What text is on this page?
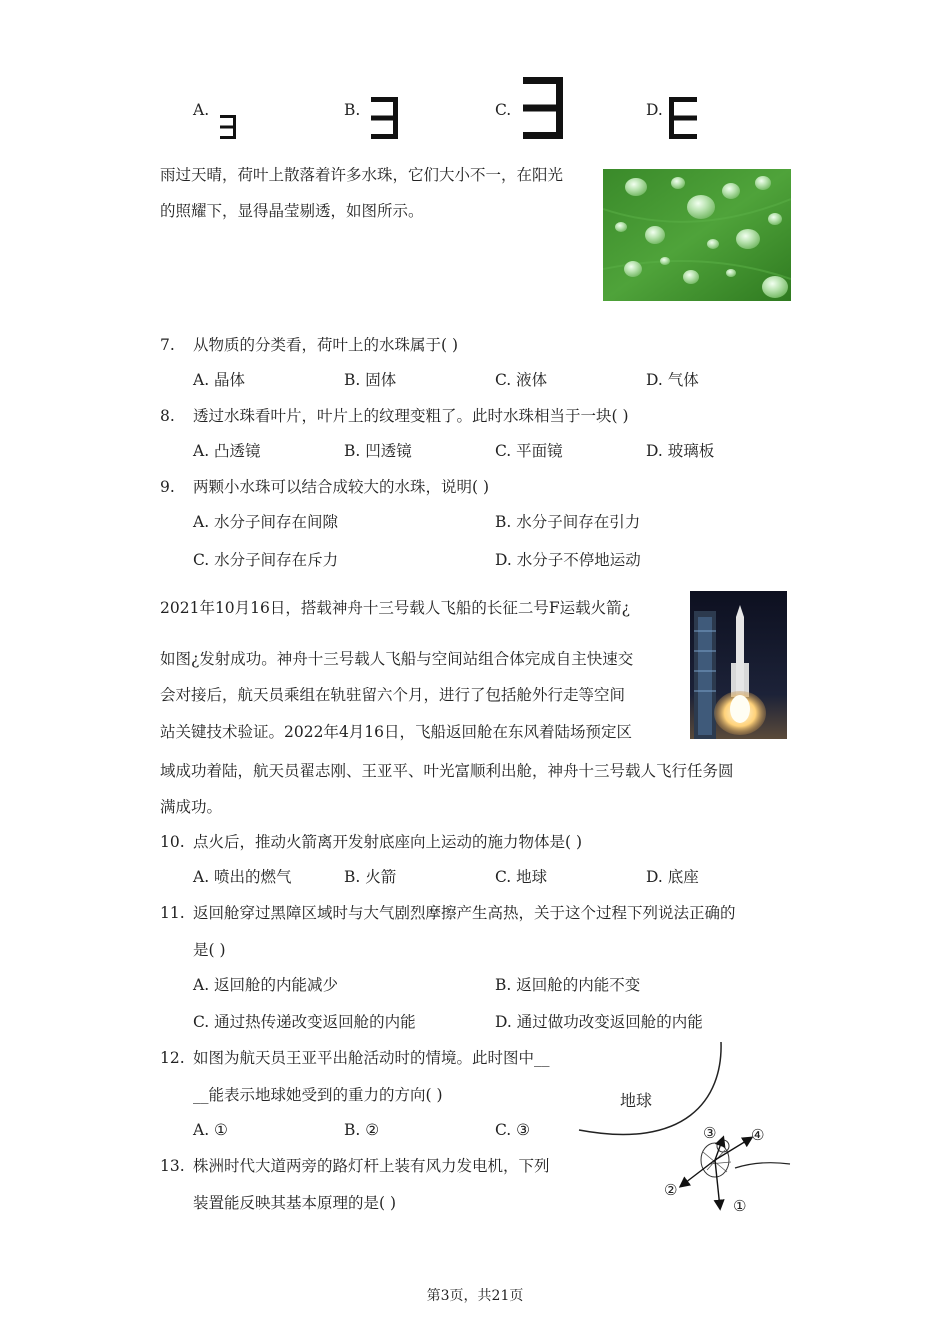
A.	B.	C.	D.
雨过天晴，荷叶上散落着许多水珠，它们大小不一，在阳光
的照耀下，显得晶莹剔透，如图所示。
7. 从物质的分类看，荷叶上的水珠属于( )
A. 晶体	B. 固体	C. 液体	D. 气体
8. 透过水珠看叶片，叶片上的纹理变粗了。此时水珠相当于一块( )
A. 凸透镜	B. 凹透镜	C. 平面镜	D. 玻璃板
9. 两颗小水珠可以结合成较大的水珠，说明( )
A. 水分子间存在间隙	B. 水分子间存在引力
C. 水分子间存在斥力	D. 水分子不停地运动
2021年10月16日，搭载神舟十三号载人飞船的长征二号F运载火箭¿
如图¿发射成功。神舟十三号载人飞船与空间站组合体完成自主快速交
会对接后，航天员乘组在轨驻留六个月，进行了包括舱外行走等空间
站关键技术验证。2022年4月16日，飞船返回舱在东风着陆场预定区
域成功着陆，航天员翟志刚、王亚平、叶光富顺利出舱，神舟十三号载人飞行任务圆
满成功。
10. 点火后，推动火箭离开发射底座向上运动的施力物体是( )
A. 喷出的燃气	B. 火箭	C. 地球	D. 底座
11. 返回舱穿过黑障区域时与大气剧烈摩擦产生高热，关于这个过程下列说法正确的
是( )
A. 返回舱的内能减少	B. 返回舱的内能不变
C. 通过热传递改变返回舱的内能	D. 通过做功改变返回舱的内能
12. 如图为航天员王亚平出舱活动时的情境。此时图中__
__能表示地球她受到的重力的方向( )
A. ①	B. ②	C. ③
地球
③ ④
②
①
13. 株洲时代大道两旁的路灯杆上装有风力发电机，下列
装置能反映其基本原理的是( )
第3页，共21页
